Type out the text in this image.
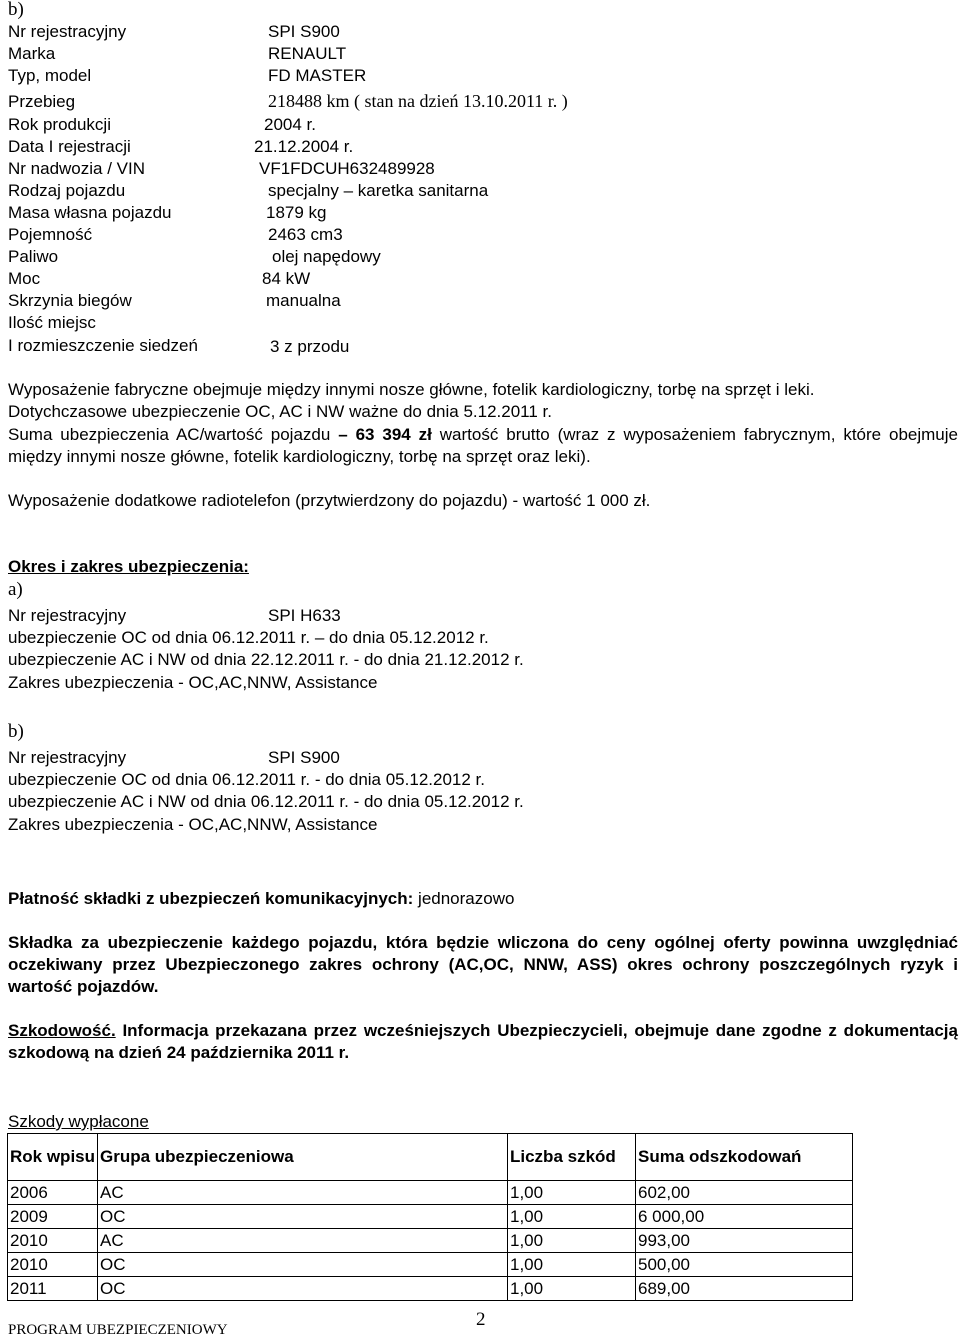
b)
Nr rejestracyjny	SPI S900
Marka	RENAULT
Typ, model	FD MASTER
Przebieg	218488 km ( stan na dzień 13.10.2011 r. )
Rok produkcji	2004 r.
Data I rejestracji	21.12.2004 r.
Nr nadwozia / VIN	VF1FDCUH632489928
Rodzaj pojazdu	specjalny – karetka sanitarna
Masa własna pojazdu	1879 kg
Pojemność	2463 cm3
Paliwo	olej napędowy
Moc	84 kW
Skrzynia biegów	manualna
Ilość miejsc
I rozmieszczenie siedzeń	3 z przodu
Wyposażenie fabryczne obejmuje między innymi nosze główne, fotelik kardiologiczny, torbę na sprzęt i leki.
Dotychczasowe ubezpieczenie OC, AC i NW ważne do dnia 5.12.2011 r.
Suma ubezpieczenia AC/wartość pojazdu – 63 394 zł wartość brutto (wraz z wyposażeniem fabrycznym, które obejmuje między innymi nosze główne, fotelik kardiologiczny, torbę na sprzęt oraz leki).
Wyposażenie dodatkowe radiotelefon (przytwierdzony do pojazdu) - wartość 1 000 zł.
Okres i zakres ubezpieczenia:
a)
Nr rejestracyjny	SPI H633
ubezpieczenie OC od dnia 06.12.2011 r. – do dnia 05.12.2012 r.
ubezpieczenie AC i NW od dnia 22.12.2011 r. - do dnia 21.12.2012 r.
Zakres ubezpieczenia - OC,AC,NNW, Assistance
b)
Nr rejestracyjny	SPI S900
ubezpieczenie OC od dnia 06.12.2011 r. - do dnia 05.12.2012 r.
ubezpieczenie AC i NW od dnia 06.12.2011 r. - do dnia 05.12.2012 r.
Zakres ubezpieczenia - OC,AC,NNW, Assistance
Płatność składki z ubezpieczeń komunikacyjnych: jednorazowo
Składka za ubezpieczenie każdego pojazdu, która będzie wliczona do ceny ogólnej oferty powinna uwzględniać oczekiwany przez Ubezpieczonego zakres ochrony (AC,OC, NNW, ASS) okres ochrony poszczególnych ryzyk i wartość pojazdów.
Szkodowość. Informacja przekazana przez wcześniejszych Ubezpieczycieli, obejmuje dane zgodne z dokumentacją szkodową na dzień 24 października 2011 r.
Szkody wypłacone
Rok wpisu	Grupa ubezpieczeniowa	Liczba szkód	Suma odszkodowań
2006	AC	1,00	602,00
2009	OC	1,00	6 000,00
2010	AC	1,00	993,00
2010	OC	1,00	500,00
2011	OC	1,00	689,00
2
PROGRAM UBEZPIECZENIOWY
